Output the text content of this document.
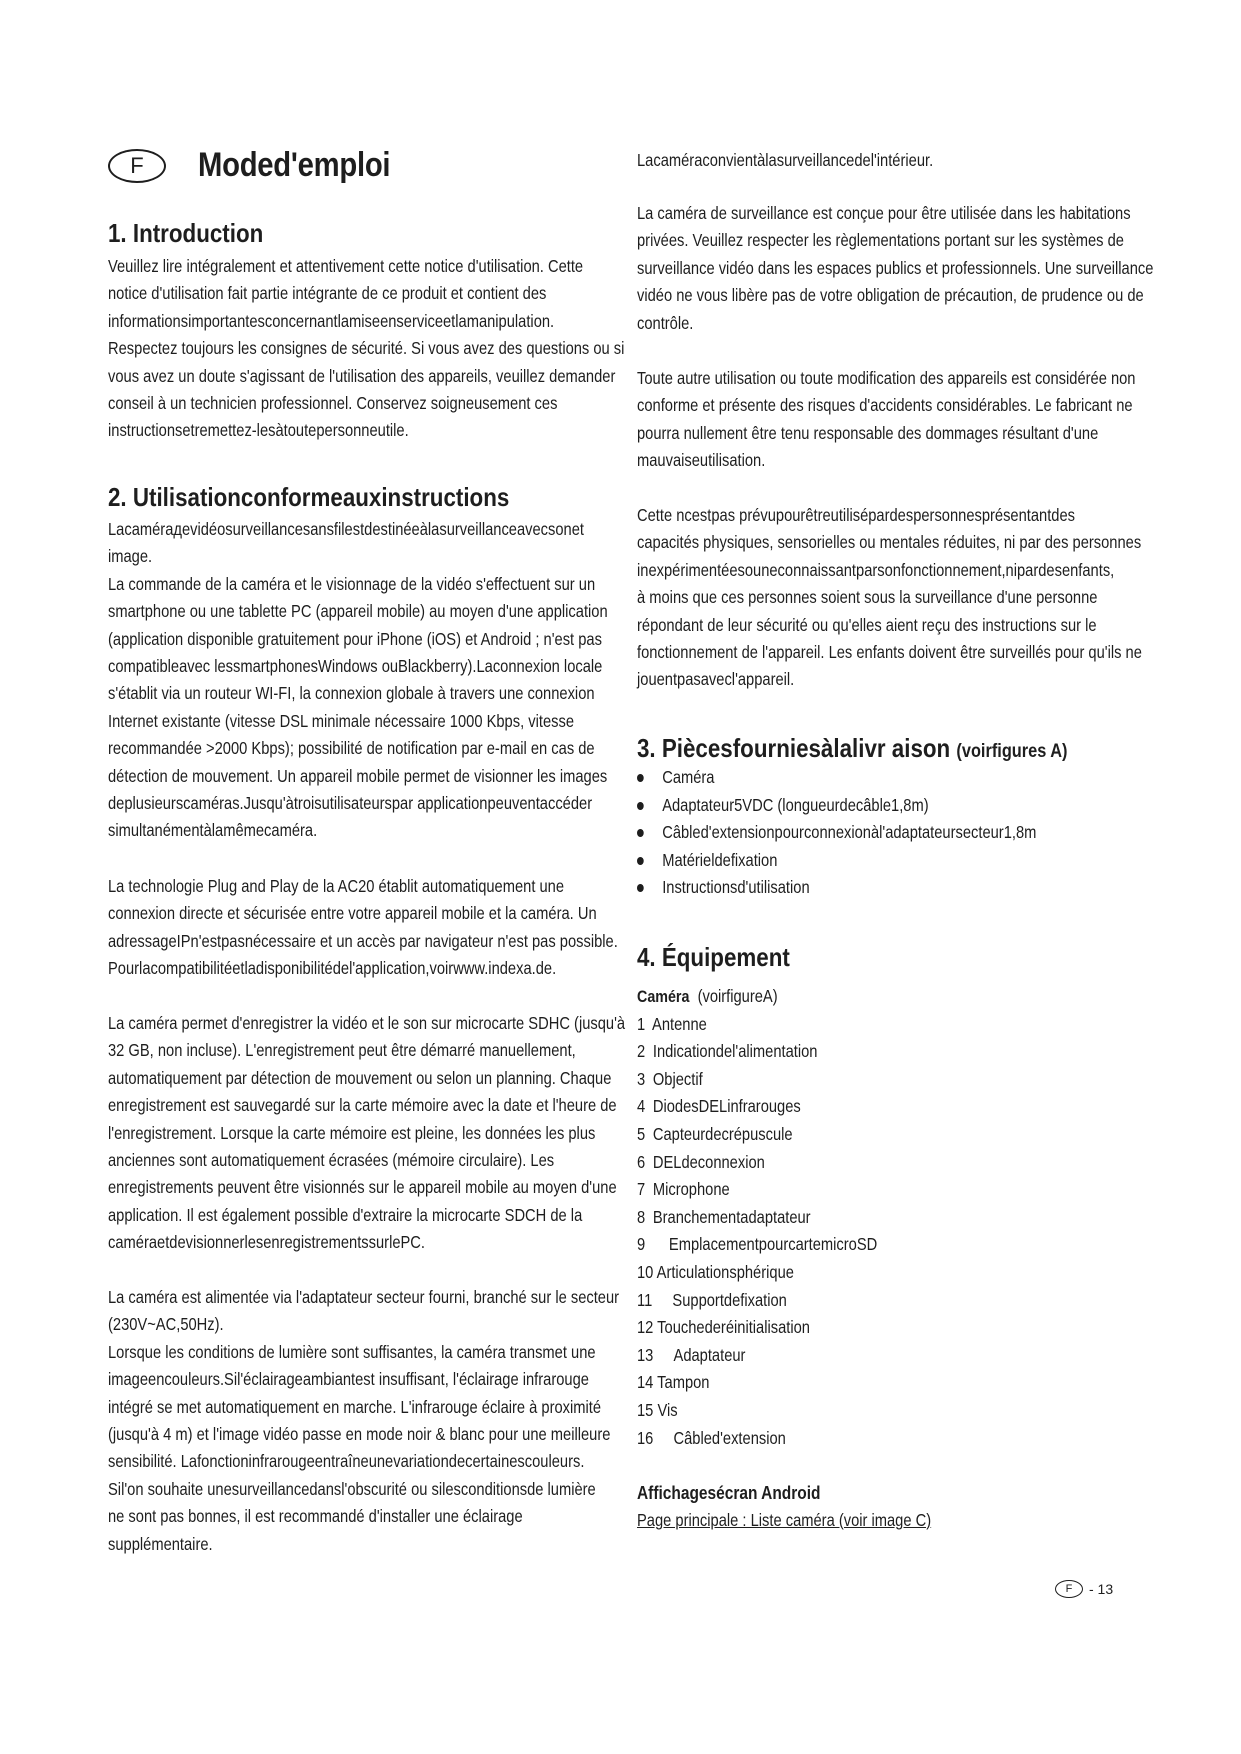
F Moded'emploi
1. Introduction
Veuillez lire intégralement et attentivement cette notice d'utilisation. Cette
notice d'utilisation fait partie intégrante de ce produit et contient des
informationsimportantesconcernantlamiseenserviceetlamanipulation.
Respectez toujours les consignes de sécurité. Si vous avez des questions ou si
vous avez un doute s'agissant de l'utilisation des appareils, veuillez demander
conseil à un technicien professionnel. Conservez soigneusement ces
instructionsetremettez-lesàtoutepersonneutile.
2. Utilisationconformeauxinstructions
Lacamérадevidéosurveillancesansfilestdestinéeàlasurveillanceavecsonet
image.
La commande de la caméra et le visionnage de la vidéo s'effectuent sur un
smartphone ou une tablette PC (appareil mobile) au moyen d'une application
(application disponible gratuitement pour iPhone (iOS) et Android ; n'est pas
compatibleavec lessmartphonesWindows ouBlackberry).Laconnexion locale
s'établit via un routeur WI-FI, la connexion globale à travers une connexion
Internet existante (vitesse DSL minimale nécessaire 1000 Kbps, vitesse
recommandée >2000 Kbps); possibilité de notification par e-mail en cas de
détection de mouvement. Un appareil mobile permet de visionner les images
deplusieurscaméras.Jusqu'àtroisutilisateurspar applicationpeuventaccéder
simultanémentàlamêmecaméra.
La technologie Plug and Play de la AC20 établit automatiquement une
connexion directe et sécurisée entre votre appareil mobile et la caméra. Un
adressageIPn'estpasnécessaire et un accès par navigateur n'est pas possible.
Pourlacompatibilitéetladisponibilitédel'application,voirwww.indexa.de.
La caméra permet d'enregistrer la vidéo et le son sur microcarte SDHC (jusqu'à
32 GB, non incluse). L'enregistrement peut être démarré manuellement,
automatiquement par détection de mouvement ou selon un planning. Chaque
enregistrement est sauvegardé sur la carte mémoire avec la date et l'heure de
l'enregistrement. Lorsque la carte mémoire est pleine, les données les plus
anciennes sont automatiquement écrasées (mémoire circulaire). Les
enregistrements peuvent être visionnés sur le appareil mobile au moyen d'une
application. Il est également possible d'extraire la microcarte SDCH de la
caméraetdevisionnerlesenregistrementssurlePC.
La caméra est alimentée via l'adaptateur secteur fourni, branché sur le secteur
(230V~AC,50Hz).
Lorsque les conditions de lumière sont suffisantes, la caméra transmet une
imageencouleurs.Sil'éclairageambiantest insuffisant, l'éclairage infrarouge
intégré se met automatiquement en marche. L'infrarouge éclaire à proximité
(jusqu'à 4 m) et l'image vidéo passe en mode noir & blanc pour une meilleure
sensibilité. Lafonctioninfrarougeentraîneunevariationdecertainescouleurs.
Sil'on souhaite unesurveillancedansl'obscurité ou silesconditionsde lumière
ne sont pas bonnes, il est recommandé d'installer une éclairage
supplémentaire.
Lacaméraconvientàlasurveillancedel'intérieur.
La caméra de surveillance est conçue pour être utilisée dans les habitations
privées. Veuillez respecter les règlementations portant sur les systèmes de
surveillance vidéo dans les espaces publics et professionnels. Une surveillance
vidéo ne vous libère pas de votre obligation de précaution, de prudence ou de
contrôle.
Toute autre utilisation ou toute modification des appareils est considérée non
conforme et présente des risques d'accidents considérables. Le fabricant ne
pourra nullement être tenu responsable des dommages résultant d'une
mauvaiseutilisation.
Cette ncestpas prévupourêtreutiliséраrdespersonnesprésentantdes
capacités physiques, sensorielles ou mentales réduites, ni par des personnes
inexpérimentéesouneconnaissantparsonfonctionnement,nipardesenfants,
à moins que ces personnes soient sous la surveillance d'une personne
répondant de leur sécurité ou qu'elles aient reçu des instructions sur le
fonctionnement de l'appareil. Les enfants doivent être surveillés pour qu'ils ne
jouentpasavecl'appareil.
3. Piècesfourniesàlalivr aison (voirfigures A)
Caméra
Adaptateur5VDC (longueurdecâble1,8m)
Câbled'extensionpourconnexionàl'adaptateursecteur1,8m
Matérieldefixation
Instructionsd'utilisation
4. Équipement
Caméra (voirfigureA)
1 Antenne
2 Indicationdel'alimentation
3 Objectif
4 DiodesDELinfrarouges
5 Capteurdecrépuscule
6 DELdeconnexion
7 Microphone
8 Branchementadaptateur
9 EmplacementpourcartemicroSD
10 Articulationsphérique
11 Supportdefixation
12 Touchederéinitialisation
13 Adaptateur
14 Tampon
15 Vis
16 Câbled'extension
Affichagesécran Android
Page principale : Liste caméra (voir image C)
F - 13
